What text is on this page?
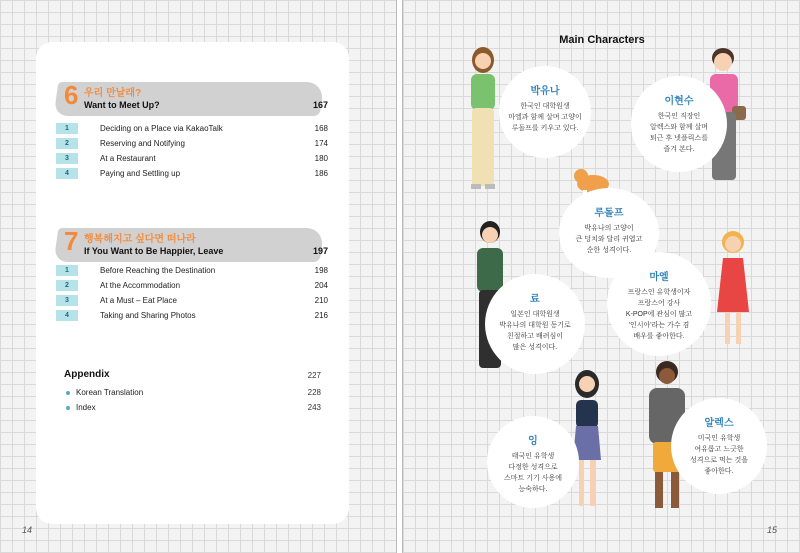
6 우리 만날래?
Want to Meet Up?	167
1	Deciding on a Place via KakaoTalk	168
2	Reserving and Notifying	174
3	At a Restaurant	180
4	Paying and Settling up	186
7 행복해지고 싶다면 떠나라
If You Want to Be Happier, Leave	197
1	Before Reaching the Destination	198
2	At the Accommodation	204
3	At a Must – Eat Place	210
4	Taking and Sharing Photos	216
Appendix	227
Korean Translation	228
Index	243
14
Main Characters
박유나
한국인 대학원생
마엘과 함께 살며 고양이
루돌프를 키우고 있다.
이현수
한국인 직장인
알렉스와 함께 살며
퇴근 후 넷플릭스를
즐겨 본다.
루돌프
박유나의 고양이
큰 덩치와 달리 귀엽고
순한 성격이다.
마엘
프랑스인 유학생이자
프랑스어 강사
K-POP에 관심이 많고
'인시아'라는 가수 겸
배우를 좋아한다.
료
일본인 대학원생
박유나의 대학원 동기로
친절하고 배려심이
많은 성격이다.
잉
태국인 유학생
다정한 성격으로
스마트 기기 사용에
능숙하다.
알렉스
미국인 유학생
여유롭고 느긋한
성격으로 먹는 것을
좋아한다.
15
